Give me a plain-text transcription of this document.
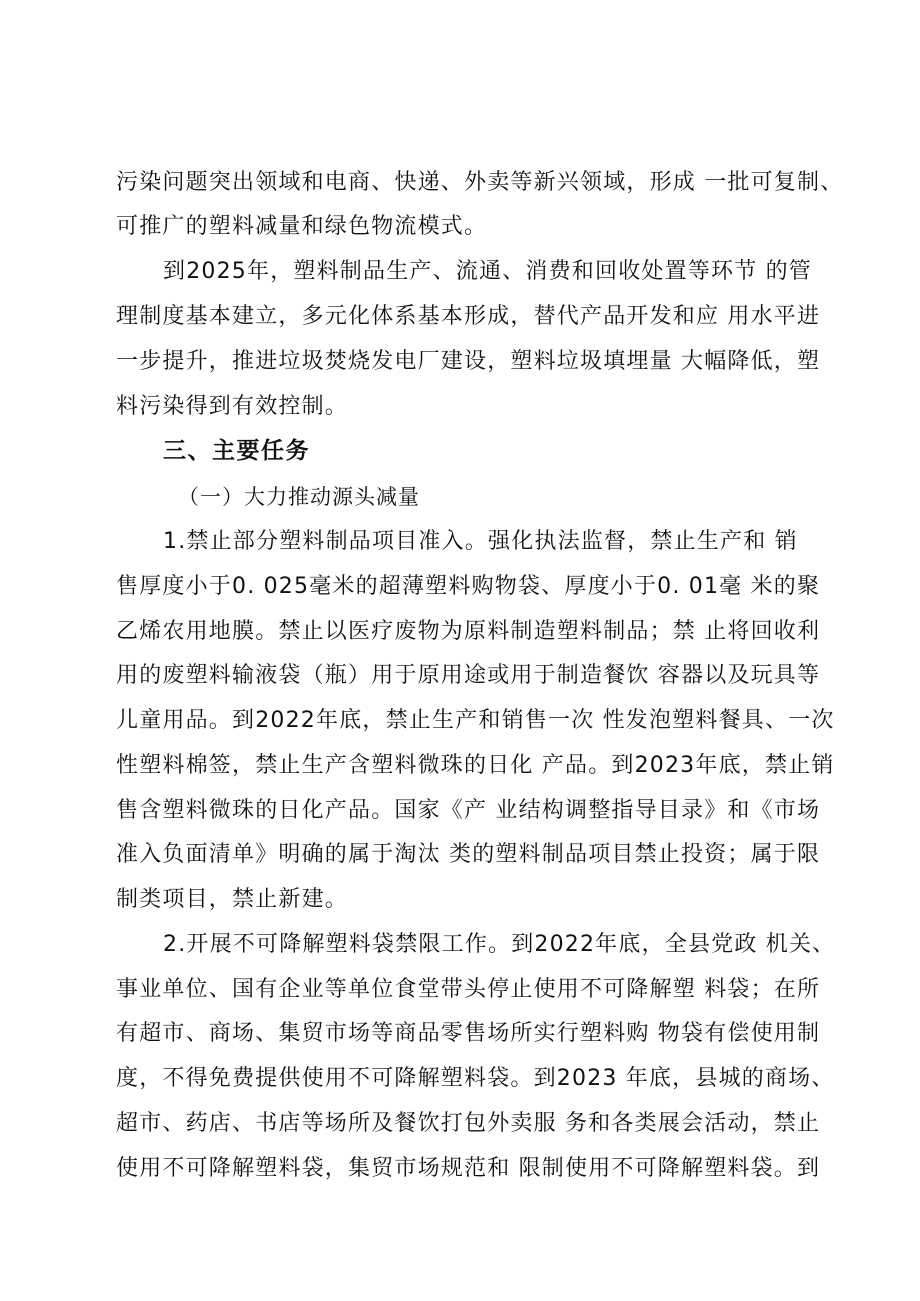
污染问题突出领域和电商、快递、外卖等新兴领域，形成 一批可复制、
可推广的塑料减量和绿色物流模式。
到2025年，塑料制品生产、流通、消费和回收处置等环节 的管
理制度基本建立，多元化体系基本形成，替代产品开发和应 用水平进
一步提升，推进垃圾焚烧发电厂建设，塑料垃圾填埋量 大幅降低，塑
料污染得到有效控制。
三、主要任务
（一）大力推动源头减量
1.禁止部分塑料制品项目准入。强化执法监督，禁止生产和 销
售厚度小于0. 025毫米的超薄塑料购物袋、厚度小于0. 01毫 米的聚
乙烯农用地膜。禁止以医疗废物为原料制造塑料制品；禁 止将回收利
用的废塑料输液袋（瓶）用于原用途或用于制造餐饮 容器以及玩具等
儿童用品。到2022年底，禁止生产和销售一次 性发泡塑料餐具、一次
性塑料棉签，禁止生产含塑料微珠的日化 产品。到2023年底，禁止销
售含塑料微珠的日化产品。国家《产 业结构调整指导目录》和《市场
准入负面清单》明确的属于淘汰 类的塑料制品项目禁止投资；属于限
制类项目，禁止新建。
2.开展不可降解塑料袋禁限工作。到2022年底，全县党政 机关、
事业单位、国有企业等单位食堂带头停止使用不可降解塑 料袋；在所
有超市、商场、集贸市场等商品零售场所实行塑料购 物袋有偿使用制
度，不得免费提供使用不可降解塑料袋。到2023 年底，县城的商场、
超市、药店、书店等场所及餐饮打包外卖服 务和各类展会活动，禁止
使用不可降解塑料袋，集贸市场规范和 限制使用不可降解塑料袋。到
